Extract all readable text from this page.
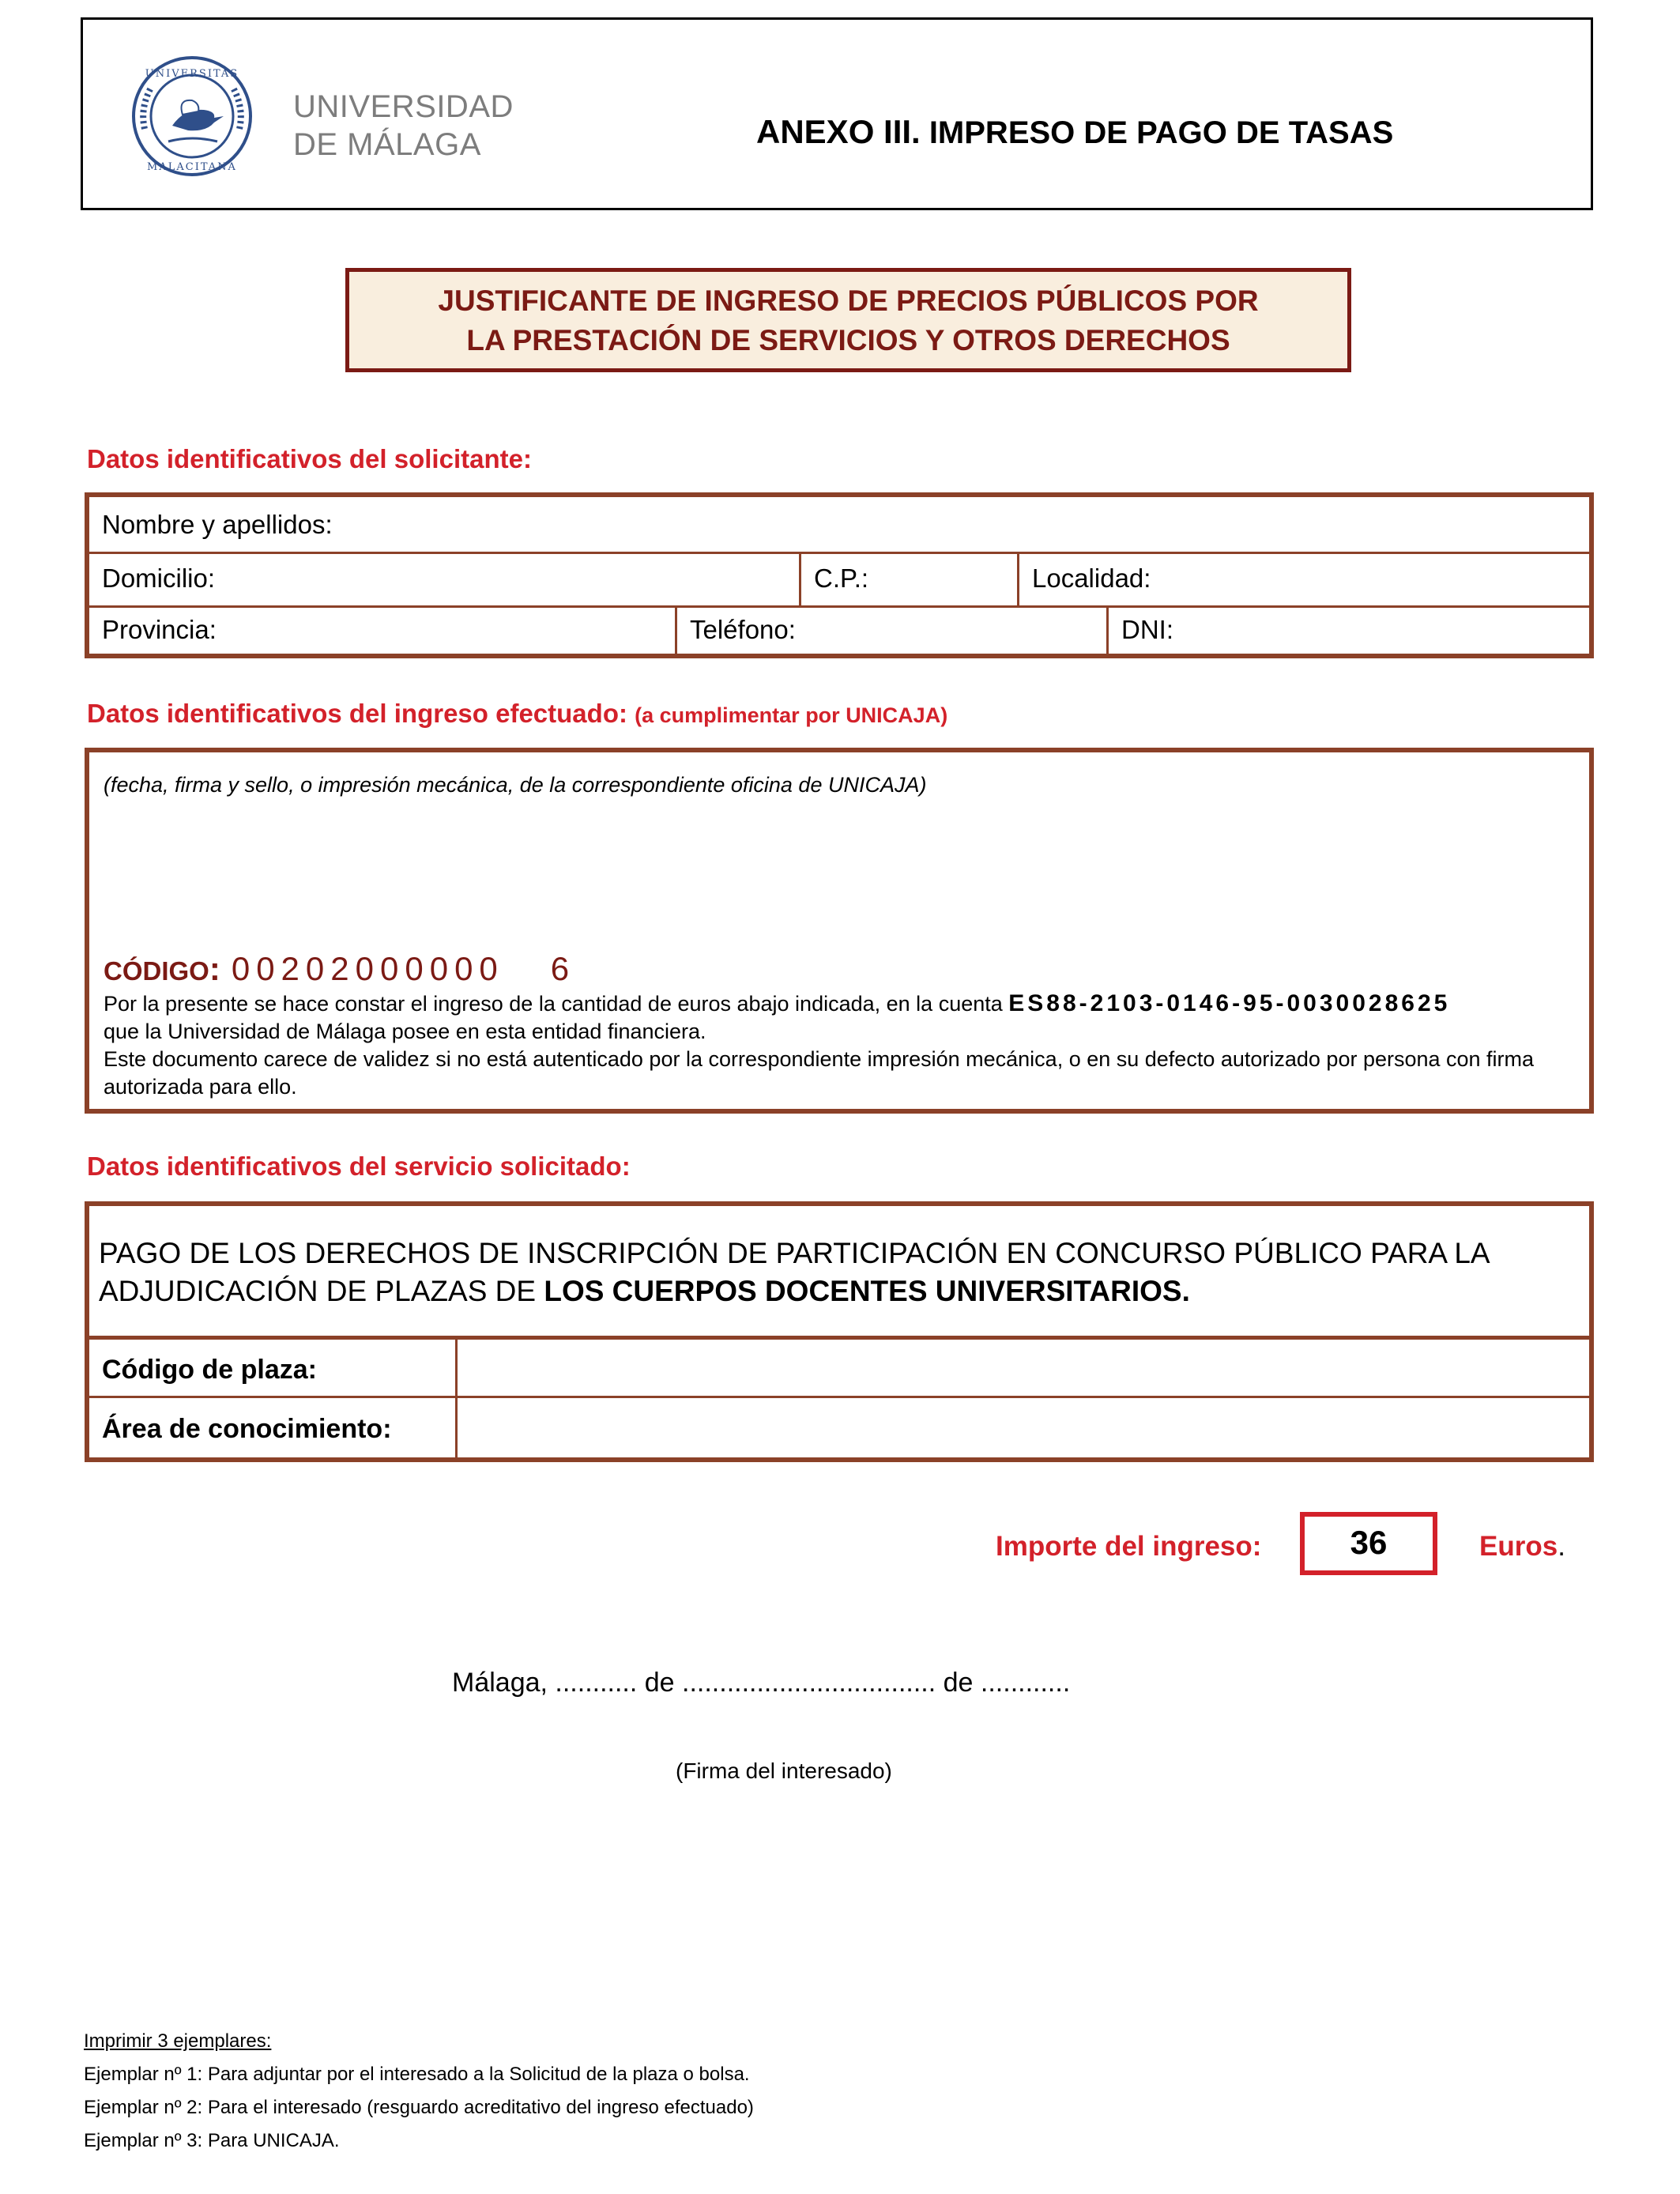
UNIVERSITAS
MALACITANA
UNIVERSIDAD
DE MÁLAGA	ANEXO III. IMPRESO DE PAGO DE TASAS
JUSTIFICANTE DE INGRESO DE PRECIOS PÚBLICOS POR
LA PRESTACIÓN DE SERVICIOS Y OTROS DERECHOS
Datos identificativos del solicitante:
Nombre y apellidos:
Domicilio:	C.P.:	Localidad:
Provincia:	Teléfono:	DNI:
Datos identificativos del ingreso efectuado: (a cumplimentar por UNICAJA)
(fecha, firma y sello, o impresión mecánica, de la correspondiente oficina de UNICAJA)
CÓDIGO: 00202000000   6
Por la presente se hace constar el ingreso de la cantidad de euros abajo indicada, en la cuenta ES88-2103-0146-95-0030028625
que la Universidad de Málaga posee en esta entidad financiera.
Este documento carece de validez si no está autenticado por la correspondiente impresión mecánica, o en su defecto autorizado por persona con firma autorizada para ello.
Datos identificativos del servicio solicitado:
PAGO DE LOS DERECHOS DE INSCRIPCIÓN DE PARTICIPACIÓN EN CONCURSO PÚBLICO PARA LA ADJUDICACIÓN DE PLAZAS DE LOS CUERPOS DOCENTES UNIVERSITARIOS.
Código de plaza:
Área de conocimiento:
Importe del ingreso:	36	Euros.
Málaga, ........... de .................................. de ............
(Firma del interesado)
Imprimir 3 ejemplares:
Ejemplar nº 1: Para adjuntar por el interesado a la Solicitud de la plaza o bolsa.
Ejemplar nº 2: Para el interesado (resguardo acreditativo del ingreso efectuado)
Ejemplar nº 3: Para UNICAJA.
